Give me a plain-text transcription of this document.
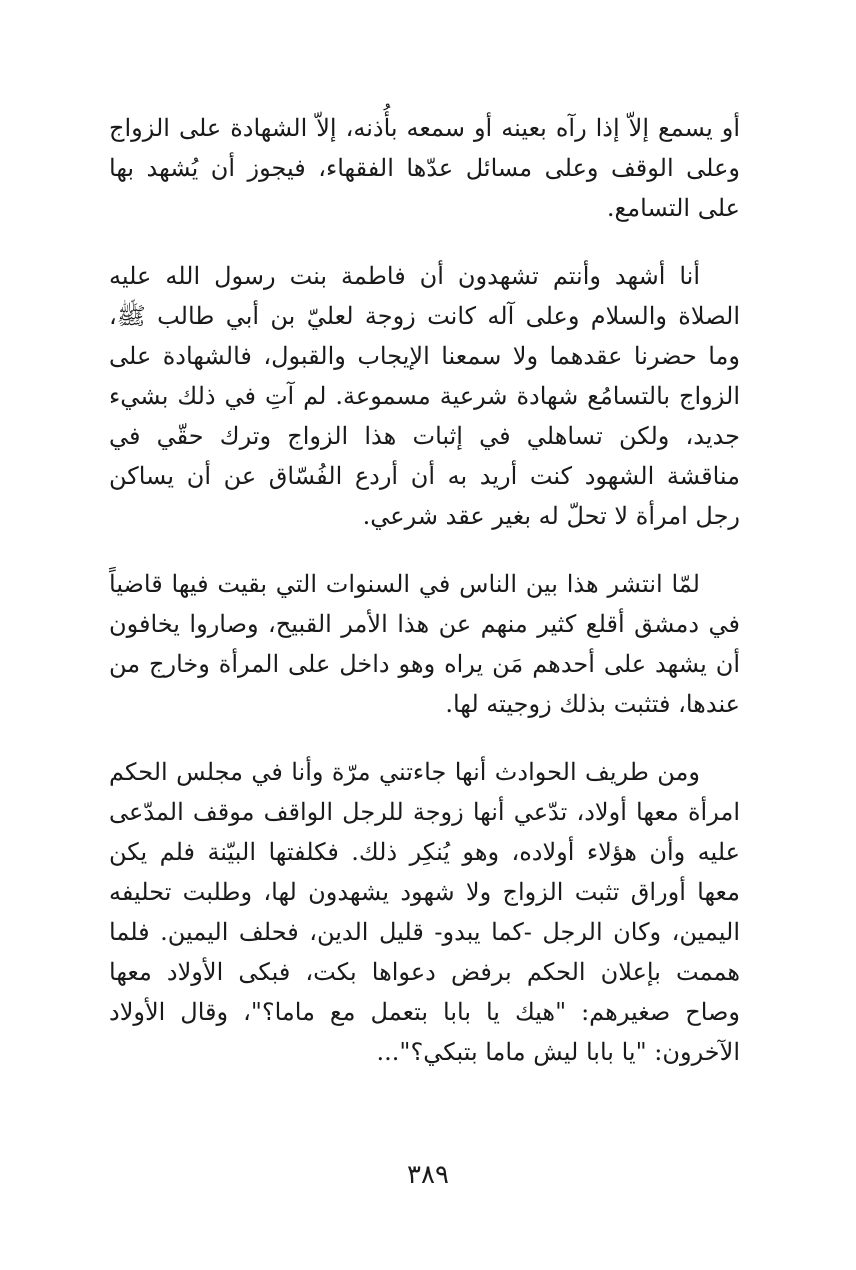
أو يسمع إلاّ إذا رآه بعينه أو سمعه بأُذنه، إلاّ الشهادة على الزواج وعلى الوقف وعلى مسائل عدّها الفقهاء، فيجوز أن يُشهد بها على التسامع.

أنا أشهد وأنتم تشهدون أن فاطمة بنت رسول الله عليه الصلاة والسلام وعلى آله كانت زوجة لعليّ بن أبي طالب ﷺ، وما حضرنا عقدهما ولا سمعنا الإيجاب والقبول، فالشهادة على الزواج بالتسامُع شهادة شرعية مسموعة. لم آتِ في ذلك بشيء جديد، ولكن تساهلي في إثبات هذا الزواج وترك حقّي في مناقشة الشهود كنت أريد به أن أردع الفُسّاق عن أن يساكن رجل امرأة لا تحلّ له بغير عقد شرعي.

لمّا انتشر هذا بين الناس في السنوات التي بقيت فيها قاضياً في دمشق أقلع كثير منهم عن هذا الأمر القبيح، وصاروا يخافون أن يشهد على أحدهم مَن يراه وهو داخل على المرأة وخارج من عندها، فتثبت بذلك زوجيته لها.

ومن طريف الحوادث أنها جاءتني مرّة وأنا في مجلس الحكم امرأة معها أولاد، تدّعي أنها زوجة للرجل الواقف موقف المدّعى عليه وأن هؤلاء أولاده، وهو يُنكِر ذلك. فكلفتها البيّنة فلم يكن معها أوراق تثبت الزواج ولا شهود يشهدون لها، وطلبت تحليفه اليمين، وكان الرجل -كما يبدو- قليل الدين، فحلف اليمين. فلما هممت بإعلان الحكم برفض دعواها بكت، فبكى الأولاد معها وصاح صغيرهم: "هيك يا بابا بتعمل مع ماما؟"، وقال الأولاد الآخرون: "يا بابا ليش ماما بتبكي؟"...

٣٨٩
